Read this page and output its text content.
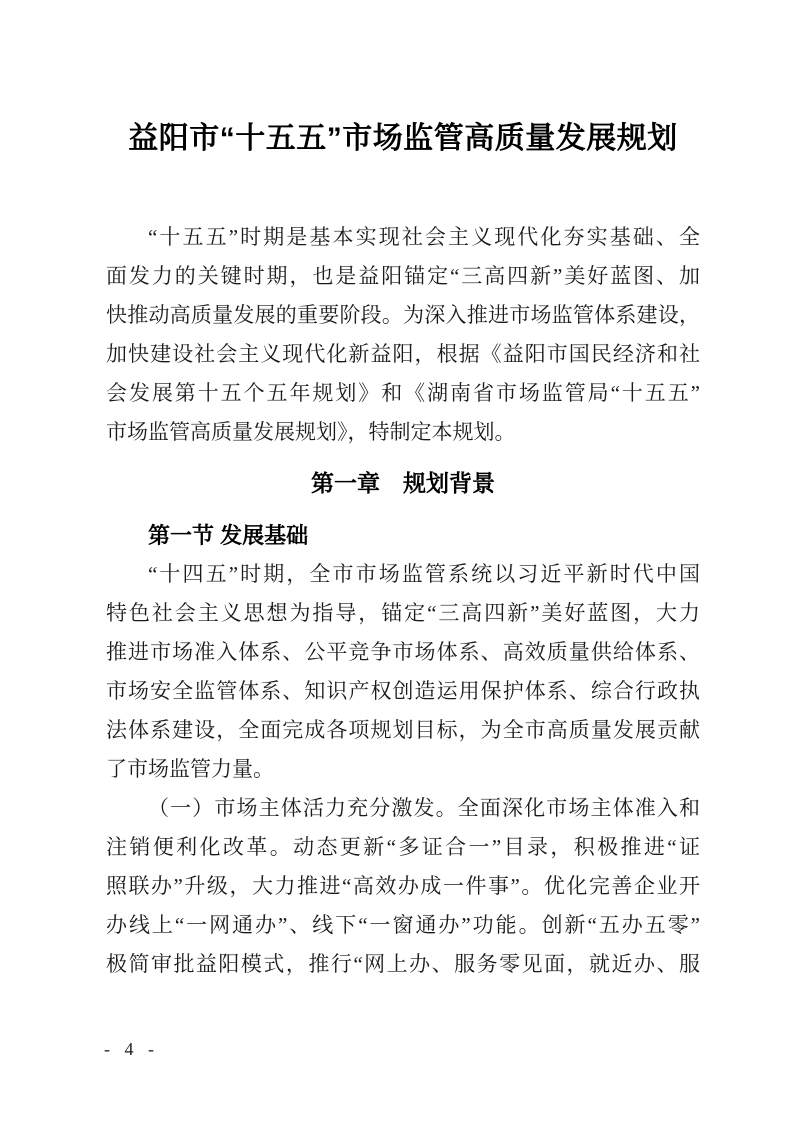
益阳市“十五五”市场监管高质量发展规划
“十五五”时期是基本实现社会主义现代化夯实基础、全
面发力的关键时期，也是益阳锚定“三高四新”美好蓝图、加
快推动高质量发展的重要阶段。为深入推进市场监管体系建设，
加快建设社会主义现代化新益阳，根据《益阳市国民经济和社
会发展第十五个五年规划》和《湖南省市场监管局“十五五”
市场监管高质量发展规划》，特制定本规划。
第一章　规划背景
第一节 发展基础
“十四五”时期，全市市场监管系统以习近平新时代中国
特色社会主义思想为指导，锚定“三高四新”美好蓝图，大力
推进市场准入体系、公平竞争市场体系、高效质量供给体系、
市场安全监管体系、知识产权创造运用保护体系、综合行政执
法体系建设，全面完成各项规划目标，为全市高质量发展贡献
了市场监管力量。
（一）市场主体活力充分激发。全面深化市场主体准入和
注销便利化改革。动态更新“多证合一”目录，积极推进“证
照联办”升级，大力推进“高效办成一件事”。优化完善企业开
办线上“一网通办”、线下“一窗通办”功能。创新“五办五零”
极简审批益阳模式，推行“网上办、服务零见面，就近办、服
- 4 -
